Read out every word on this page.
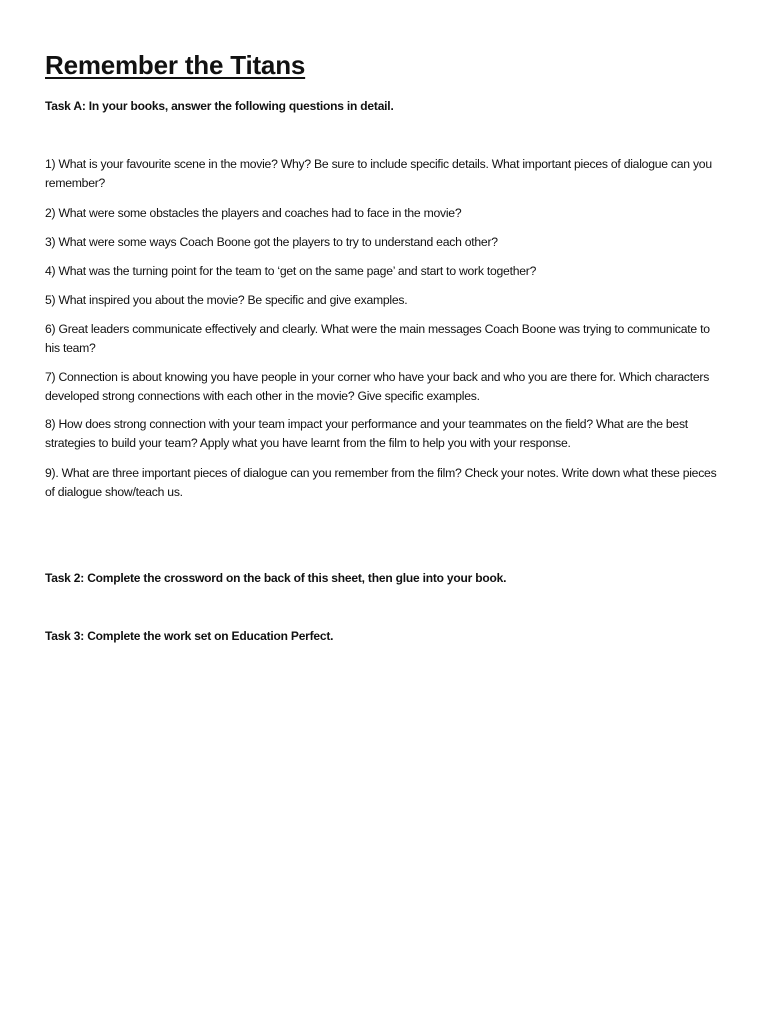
Remember the Titans

Task A: In your books, answer the following questions in detail.

1) What is your favourite scene in the movie? Why? Be sure to include specific details. What important pieces of dialogue can you remember?

2) What were some obstacles the players and coaches had to face in the movie?

3) What were some ways Coach Boone got the players to try to understand each other?

4) What was the turning point for the team to ‘get on the same page’ and start to work together?

5) What inspired you about the movie? Be specific and give examples.

6) Great leaders communicate effectively and clearly. What were the main messages Coach Boone was trying to communicate to his team?

7) Connection is about knowing you have people in your corner who have your back and who you are there for. Which characters developed strong connections with each other in the movie? Give specific examples.

8) How does strong connection with your team impact your performance and your teammates on the field? What are the best strategies to build your team? Apply what you have learnt from the film to help you with your response.

9). What are three important pieces of dialogue can you remember from the film? Check your notes. Write down what these pieces of dialogue show/teach us.

Task 2: Complete the crossword on the back of this sheet, then glue into your book.

Task 3: Complete the work set on Education Perfect.
